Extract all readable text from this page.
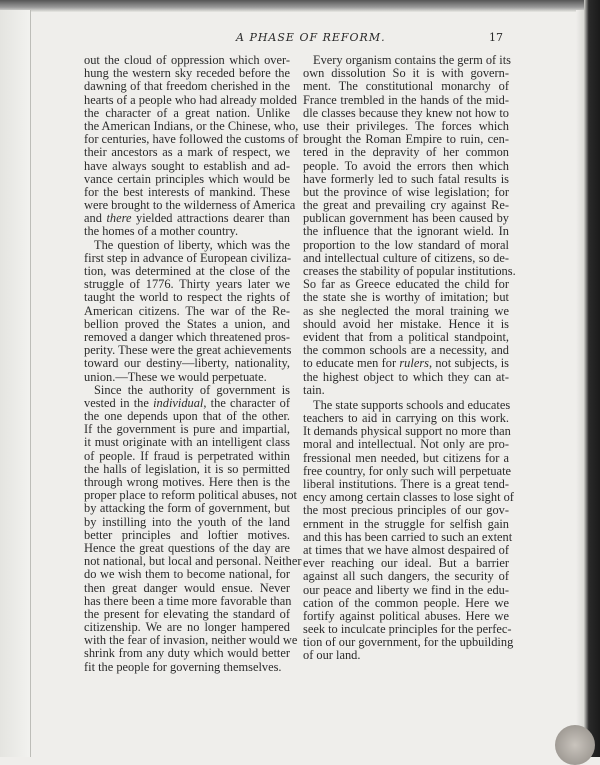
A PHASE OF REFORM.	17
out the cloud of oppression which over-
hung the western sky receded before the
dawning of that freedom cherished in the
hearts of a people who had already molded
the character of a great nation. Unlike
the American Indians, or the Chinese, who,
for centuries, have followed the customs of
their ancestors as a mark of respect, we
have always sought to establish and ad-
vance certain principles which would be
for the best interests of mankind. These
were brought to the wilderness of America
and there yielded attractions dearer than
the homes of a mother country.
The question of liberty, which was the
first step in advance of European civiliza-
tion, was determined at the close of the
struggle of 1776. Thirty years later we
taught the world to respect the rights of
American citizens. The war of the Re-
bellion proved the States a union, and
removed a danger which threatened pros-
perity. These were the great achievements
toward our destiny—liberty, nationality,
union.—These we would perpetuate.
Since the authority of government is
vested in the individual, the character of
the one depends upon that of the other.
If the government is pure and impartial,
it must originate with an intelligent class
of people. If fraud is perpetrated within
the halls of legislation, it is so permitted
through wrong motives. Here then is the
proper place to reform political abuses, not
by attacking the form of government, but
by instilling into the youth of the land
better principles and loftier motives.
Hence the great questions of the day are
not national, but local and personal. Neither
do we wish them to become national, for
then great danger would ensue. Never
has there been a time more favorable than
the present for elevating the standard of
citizenship. We are no longer hampered
with the fear of invasion, neither would we
shrink from any duty which would better
fit the people for governing themselves.
Every organism contains the germ of its
own dissolution So it is with govern-
ment. The constitutional monarchy of
France trembled in the hands of the mid-
dle classes because they knew not how to
use their privileges. The forces which
brought the Roman Empire to ruin, cen-
tered in the depravity of her common
people. To avoid the errors then which
have formerly led to such fatal results is
but the province of wise legislation; for
the great and prevailing cry against Re-
publican government has been caused by
the influence that the ignorant wield. In
proportion to the low standard of moral
and intellectual culture of citizens, so de-
creases the stability of popular institutions.
So far as Greece educated the child for
the state she is worthy of imitation; but
as she neglected the moral training we
should avoid her mistake. Hence it is
evident that from a political standpoint,
the common schools are a necessity, and
to educate men for rulers, not subjects, is
the highest object to which they can at-
tain.
The state supports schools and educates
teachers to aid in carrying on this work.
It demands physical support no more than
moral and intellectual. Not only are pro-
fressional men needed, but citizens for a
free country, for only such will perpetuate
liberal institutions. There is a great tend-
ency among certain classes to lose sight of
the most precious principles of our gov-
ernment in the struggle for selfish gain
and this has been carried to such an extent
at times that we have almost despaired of
ever reaching our ideal. But a barrier
against all such dangers, the security of
our peace and liberty we find in the edu-
cation of the common people. Here we
fortify against political abuses. Here we
seek to inculcate principles for the perfec-
tion of our government, for the upbuilding
of our land.
